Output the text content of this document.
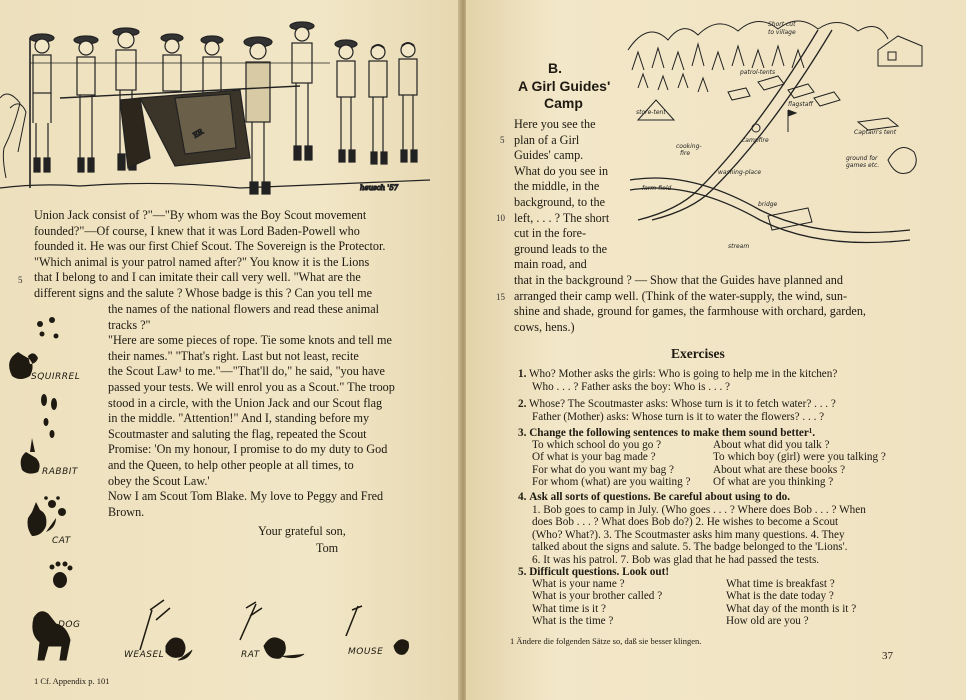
ER
heusch '57
Union Jack consist of ?"—"By whom was the Boy Scout movement
founded?"—Of course, I knew that it was Lord Baden-Powell who
founded it. He was our first Chief Scout. The Sovereign is the Protector.
"Which animal is your patrol named after?" You know it is the Lions
that I belong to and I can imitate their call very well. "What are the
different signs and the salute ? Whose badge is this ? Can you tell me
5
the names of the national flowers and read these animal
tracks ?"
"Here are some pieces of rope. Tie some knots and tell me
their names." "That's right. Last but not least, recite
the Scout Law¹ to me."—"That'll do," he said, "you have
passed your tests. We will enrol you as a Scout." The troop
stood in a circle, with the Union Jack and our Scout flag
in the middle. "Attention!" And I, standing before my
Scoutmaster and saluting the flag, repeated the Scout
Promise: 'On my honour, I promise to do my duty to God
and the Queen, to help other people at all times, to
obey the Scout Law.'
Now I am Scout Tom Blake. My love to Peggy and Fred
Brown.
Your grateful son,
Tom
SQUIRREL
RABBIT
CAT
DOG
WEASEL	RAT	MOUSE
1 Cf. Appendix p. 101
B.
A Girl Guides'
Camp
Here you see the
plan of a Girl
Guides' camp.
What do you see in
the middle, in the
background, to the
left, . . . ? The short
cut in the fore-
ground leads to the
main road, and
5
10
15
Short cut
to village
patrol-tents
flagstaff
campfire
Captain's tent
store-tent
cooking-
fire
washing-place
ground for
games etc.
farm-field
bridge
stream
that in the background ? — Show that the Guides have planned and
arranged their camp well. (Think of the water-supply, the wind, sun-
shine and shade, ground for games, the farmhouse with orchard, garden,
cows, hens.)
Exercises
1. Who? Mother asks the girls: Who is going to help me in the kitchen?
Who . . . ? Father asks the boy: Who is . . . ?
2. Whose? The Scoutmaster asks: Whose turn is it to fetch water? . . . ?
Father (Mother) asks: Whose turn is it to water the flowers? . . . ?
3. Change the following sentences to make them sound better¹.
To which school do you go ?
Of what is your bag made ?
For what do you want my bag ?
For whom (what) are you waiting ?
About what did you talk ?
To which boy (girl) were you talking ?
About what are these books ?
Of what are you thinking ?
4. Ask all sorts of questions. Be careful about using to do.
1. Bob goes to camp in July. (Who goes . . . ? Where does Bob . . . ? When
does Bob . . . ? What does Bob do?) 2. He wishes to become a Scout
(Who? What?). 3. The Scoutmaster asks him many questions. 4. They
talked about the signs and salute. 5. The badge belonged to the 'Lions'.
6. It was his patrol. 7. Bob was glad that he had passed the tests.
5. Difficult questions. Look out!
What is your name ?
What is your brother called ?
What time is it ?
What is the time ?
What time is breakfast ?
What is the date today ?
What day of the month is it ?
How old are you ?
1 Ändere die folgenden Sätze so, daß sie besser klingen.
37
